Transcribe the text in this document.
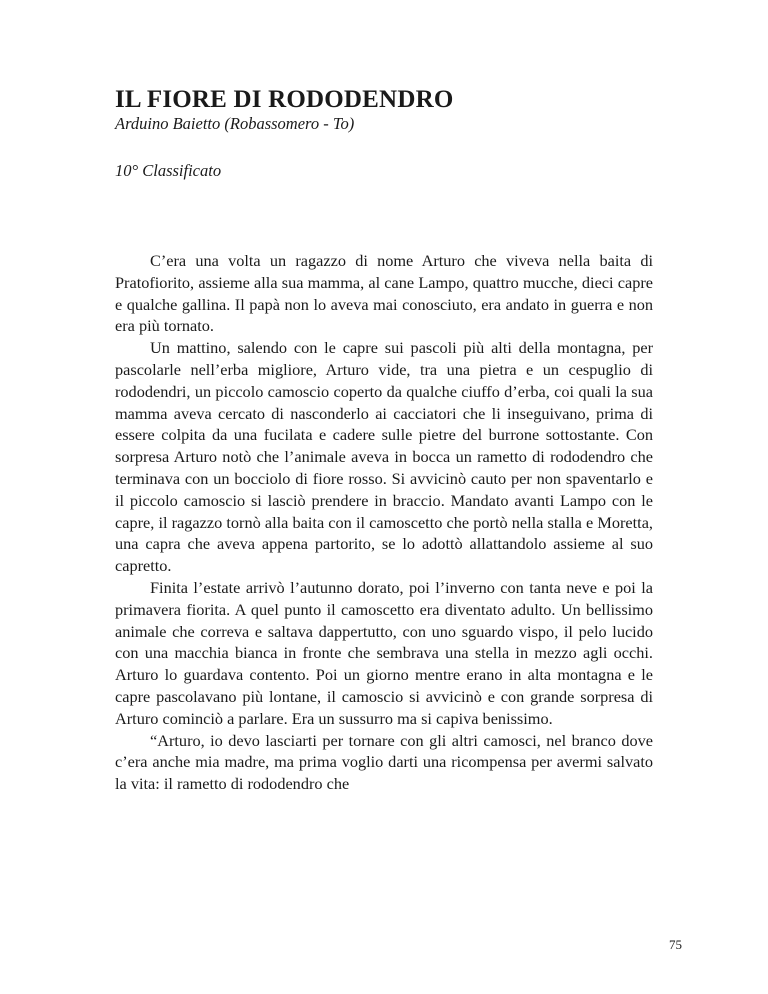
IL FIORE DI RODODENDRO

Arduino Baietto (Robassomero - To)

10° Classificato

C’era una volta un ragazzo di nome Arturo che viveva nella baita di Pratofiorito, assieme alla sua mamma, al cane Lampo, quattro mucche, dieci capre e qualche gallina. Il papà non lo aveva mai conosciuto, era andato in guerra e non era più tornato.

Un mattino, salendo con le capre sui pascoli più alti della montagna, per pascolarle nell’erba migliore, Arturo vide, tra una pietra e un cespuglio di rododendri, un piccolo camoscio coperto da qualche ciuffo d’erba, coi quali la sua mamma aveva cercato di nasconderlo ai cacciatori che li inseguivano, prima di essere colpita da una fucilata e cadere sulle pietre del burrone sottostante. Con sorpresa Arturo notò che l’animale aveva in bocca un rametto di rododendro che terminava con un bocciolo di fiore rosso. Si avvicinò cauto per non spaventarlo e il piccolo camoscio si lasciò prendere in braccio. Mandato avanti Lampo con le capre, il ragazzo tornò alla baita con il camoscetto che portò nella stalla e Moretta, una capra che aveva appena partorito, se lo adottò allattandolo assieme al suo capretto.

Finita l’estate arrivò l’autunno dorato, poi l’inverno con tanta neve e poi la primavera fiorita. A quel punto il camoscetto era diventato adulto. Un bellissimo animale che correva e saltava dappertutto, con uno sguardo vispo, il pelo lucido con una macchia bianca in fronte che sembrava una stella in mezzo agli occhi. Arturo lo guardava contento. Poi un giorno mentre erano in alta montagna e le capre pascolavano più lontane, il camoscio si avvicinò e con grande sorpresa di Arturo cominciò a parlare. Era un sussurro ma si capiva benissimo.

“Arturo, io devo lasciarti per tornare con gli altri camosci, nel branco dove c’era anche mia madre, ma prima voglio darti una ricompensa per avermi salvato la vita: il rametto di rododendro che

75
